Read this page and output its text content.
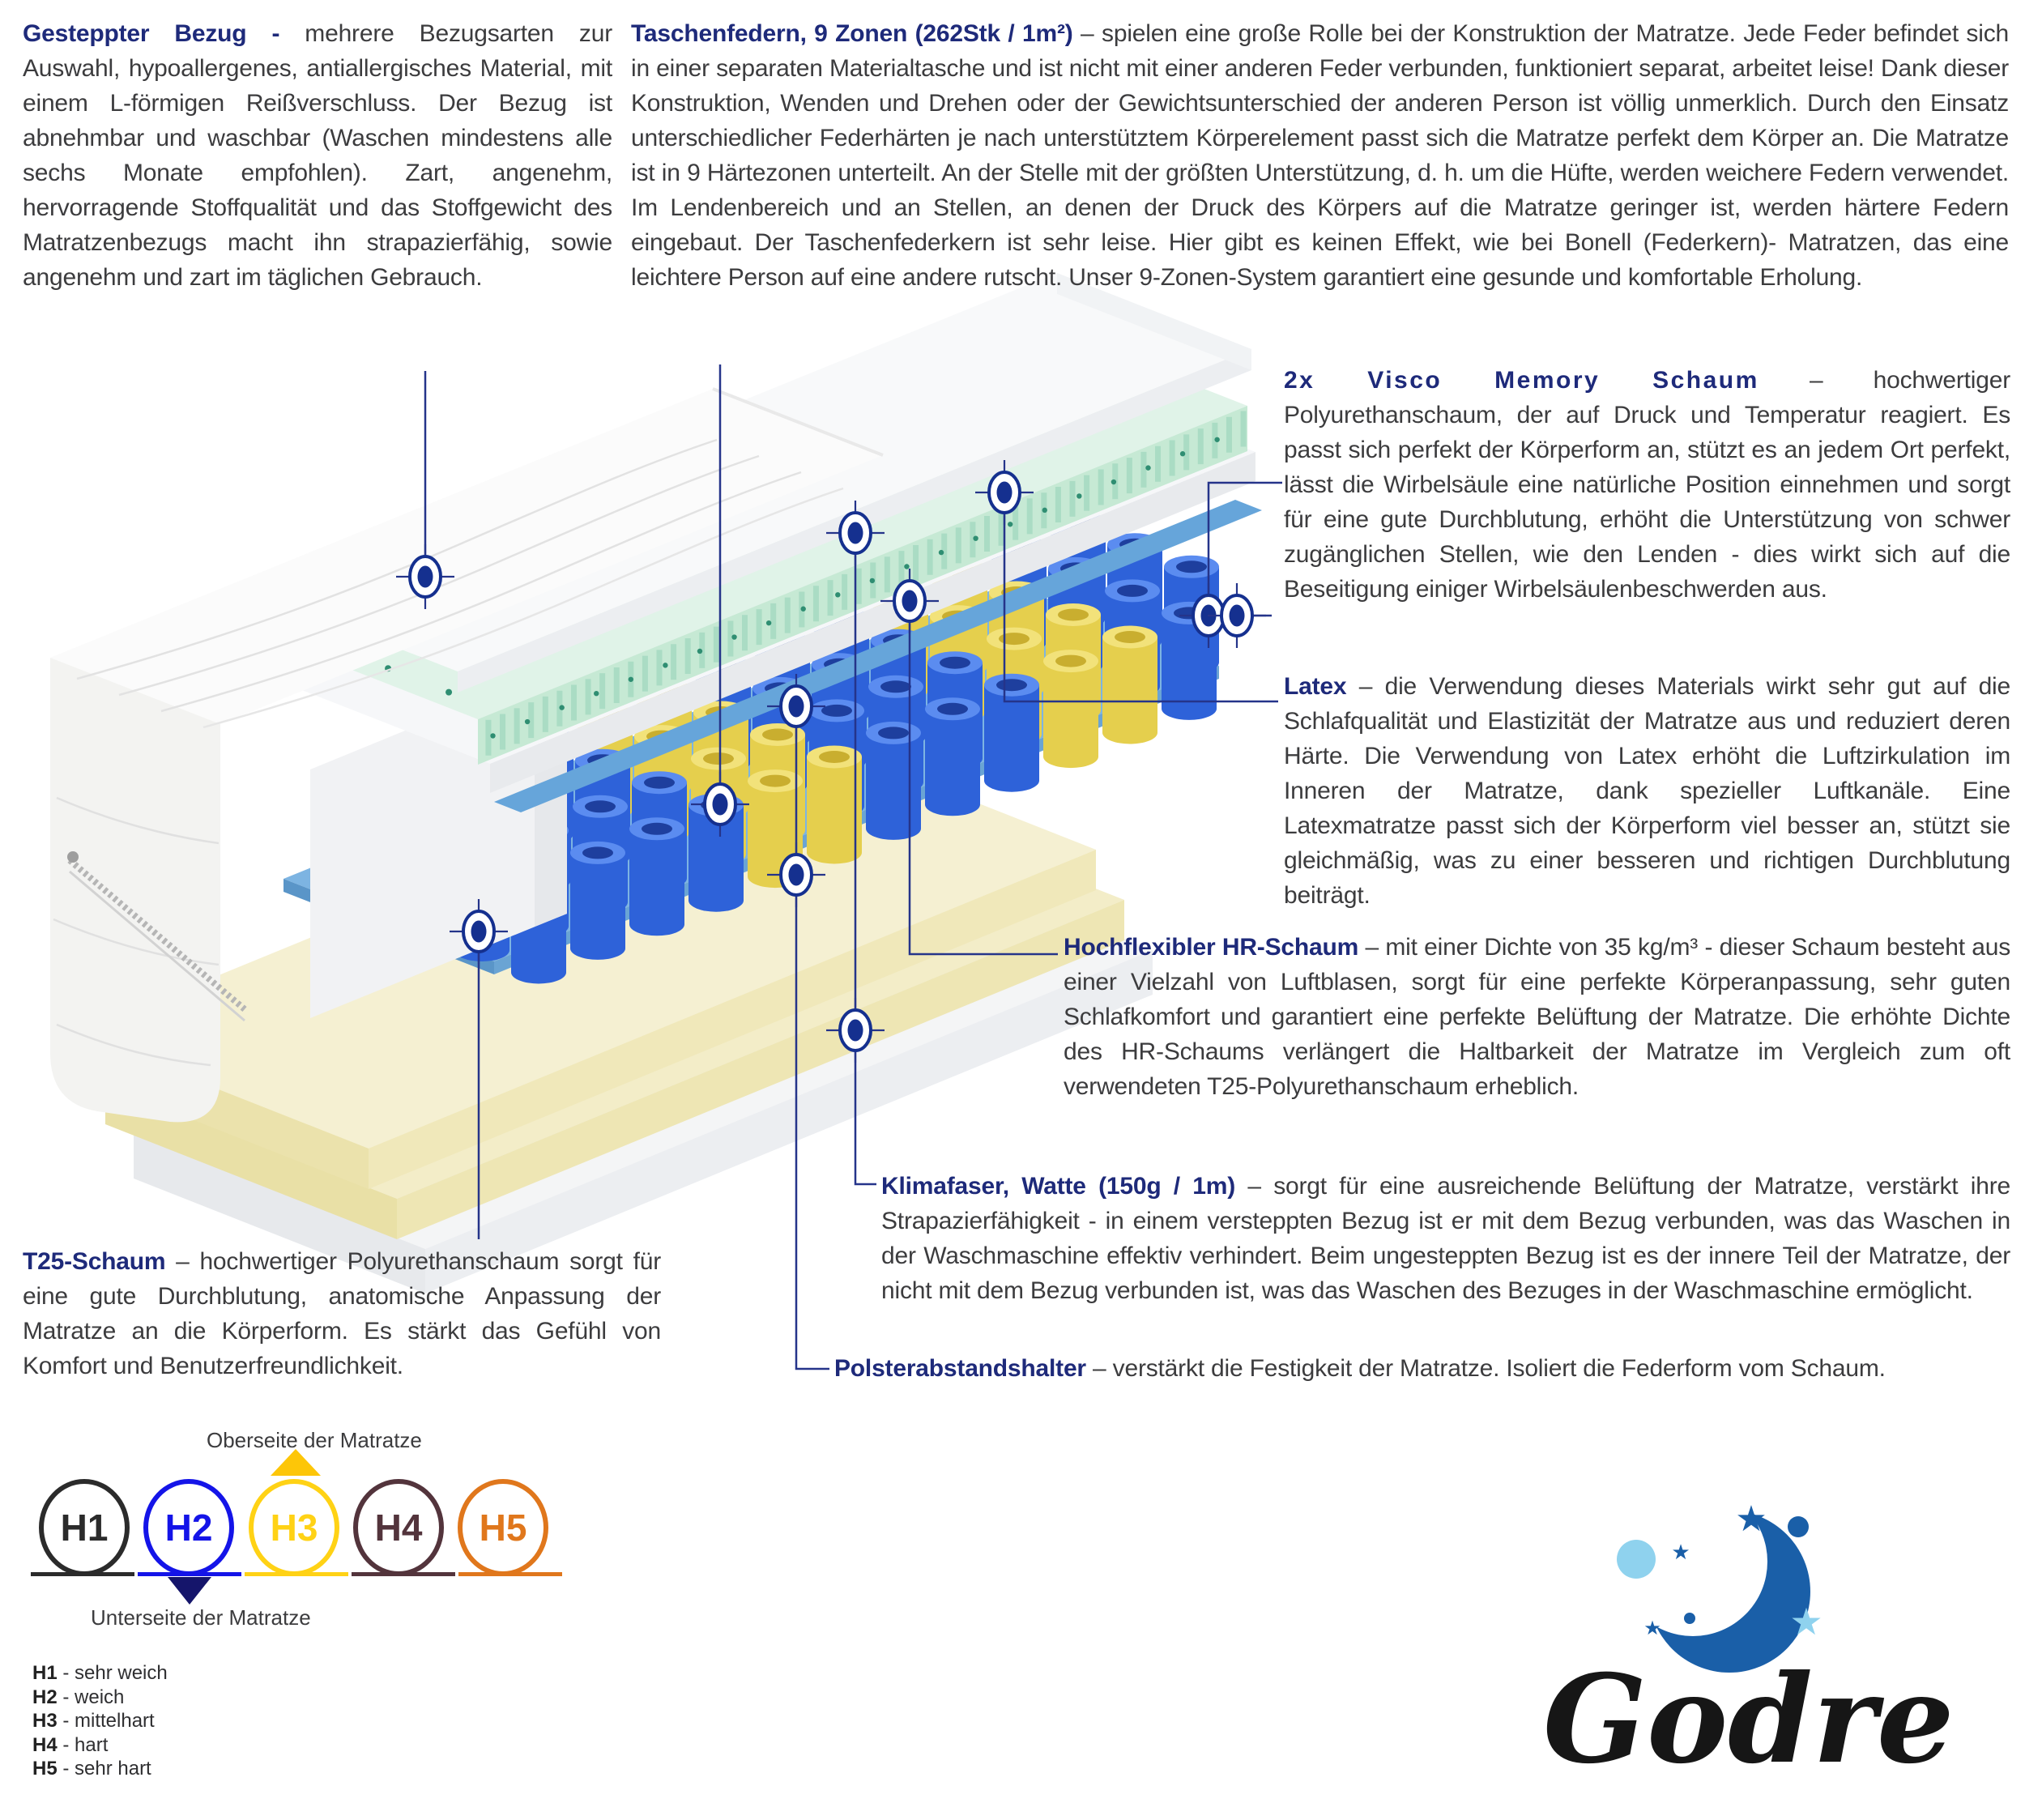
Gesteppter Bezug - mehrere Bezugsarten zur Auswahl, hypoallergenes, antiallergisches Material, mit einem L-förmigen Reißverschluss. Der Bezug ist abnehmbar und waschbar (Waschen mindestens alle sechs Monate empfohlen). Zart, angenehm, hervorragende Stoffqualität und das Stoffgewicht des Matratzenbezugs macht ihn strapazierfähig, sowie angenehm und zart im täglichen Gebrauch.
Taschenfedern, 9 Zonen (262Stk / 1m²) – spielen eine große Rolle bei der Konstruktion der Matratze. Jede Feder befindet sich in einer separaten Materialtasche und ist nicht mit einer anderen Feder verbunden, funktioniert separat, arbeitet leise! Dank dieser Konstruktion, Wenden und Drehen oder der Gewichtsunterschied der anderen Person ist völlig unmerklich. Durch den Einsatz unterschiedlicher Federhärten je nach unterstütztem Körperelement passt sich die Matratze perfekt dem Körper an. Die Matratze ist in 9 Härtezonen unterteilt. An der Stelle mit der größten Unterstützung, d. h. um die Hüfte, werden weichere Federn verwendet. Im Lendenbereich und an Stellen, an denen der Druck des Körpers auf die Matratze geringer ist, werden härtere Federn eingebaut. Der Taschenfederkern ist sehr leise. Hier gibt es keinen Effekt, wie bei Bonell (Federkern)- Matratzen, das eine leichtere Person auf eine andere rutscht. Unser 9-Zonen-System garantiert eine gesunde und komfortable Erholung.
2x Visco Memory Schaum – hochwertiger Polyurethanschaum, der auf Druck und Temperatur reagiert. Es passt sich perfekt der Körperform an, stützt es an jedem Ort perfekt, lässt die Wirbelsäule eine natürliche Position einnehmen und sorgt für eine gute Durchblutung, erhöht die Unterstützung von schwer zugänglichen Stellen, wie den Lenden - dies wirkt sich auf die Beseitigung einiger Wirbelsäulenbeschwerden aus.
Latex – die Verwendung dieses Materials wirkt sehr gut auf die Schlafqualität und Elastizität der Matratze aus und reduziert deren Härte. Die Verwendung von Latex erhöht die Luftzirkulation im Inneren der Matratze, dank spezieller Luftkanäle. Eine Latexmatratze passt sich der Körperform viel besser an, stützt sie gleichmäßig, was zu einer besseren und richtigen Durchblutung beiträgt.
Hochflexibler HR-Schaum – mit einer Dichte von 35 kg/m³ - dieser Schaum besteht aus einer Vielzahl von Luftblasen, sorgt für eine perfekte Körperanpassung, sehr guten Schlafkomfort und garantiert eine perfekte Belüftung der Matratze. Die erhöhte Dichte des HR-Schaums verlängert die Haltbarkeit der Matratze im Vergleich zum oft verwendeten T25-Polyurethanschaum erheblich.
Klimafaser, Watte (150g / 1m) – sorgt für eine ausreichende Belüftung der Matratze, verstärkt ihre Strapazierfähigkeit - in einem versteppten Bezug ist er mit dem Bezug verbunden, was das Waschen in der Waschmaschine effektiv verhindert. Beim ungesteppten Bezug ist es der innere Teil der Matratze, der nicht mit dem Bezug verbunden ist, was das Waschen des Bezuges in der Waschmaschine ermöglicht.
Polsterabstandshalter – verstärkt die Festigkeit der Matratze. Isoliert die Federform vom Schaum.
T25-Schaum – hochwertiger Polyurethanschaum sorgt für eine gute Durchblutung, anatomische Anpassung der Matratze an die Körperform. Es stärkt das Gefühl von Komfort und Benutzerfreundlichkeit.
Oberseite der Matratze
H1	H2	H3	H4	H5
Unterseite der Matratze
H1 - sehr weich
H2 - weich
H3 - mittelhart
H4 - hart
H5 - sehr hart
★
★
★
★
★
Godre
